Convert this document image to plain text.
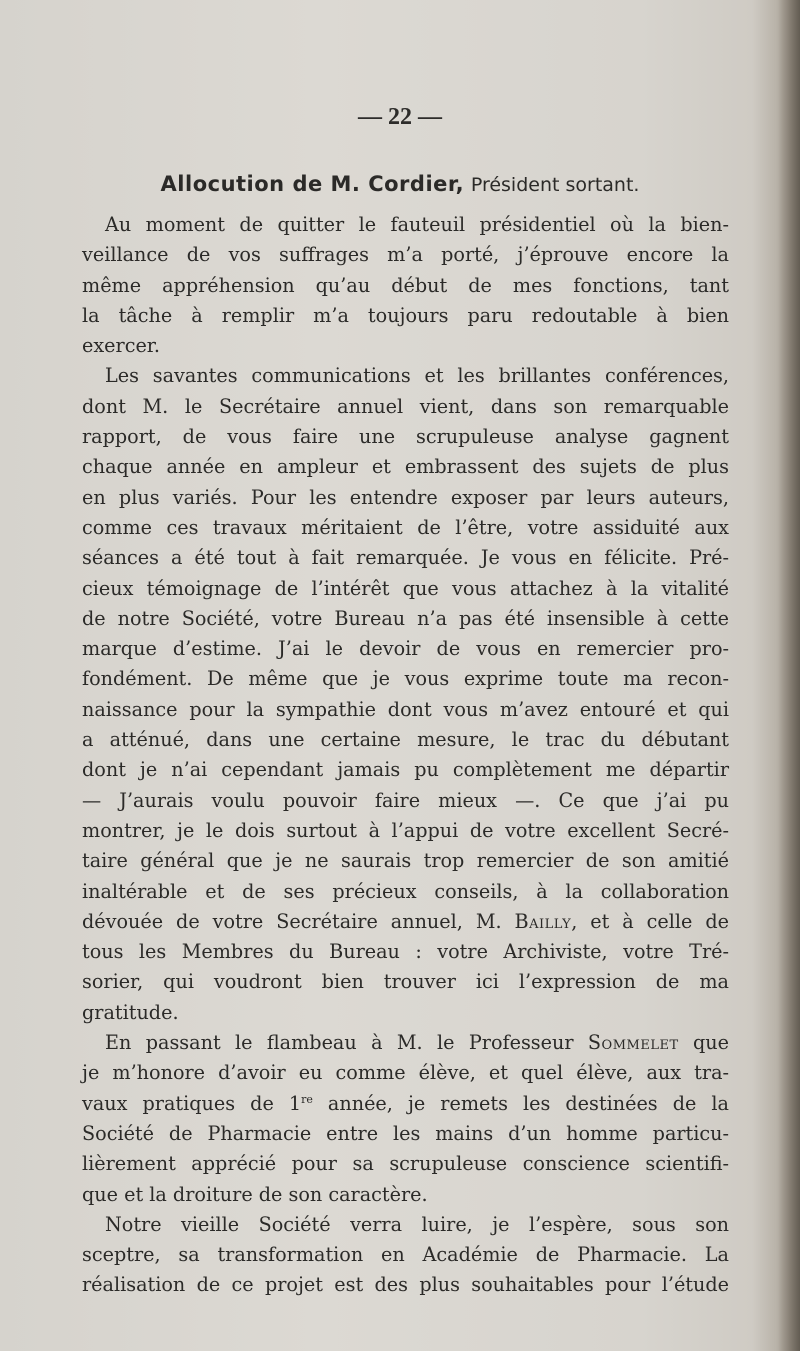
— 22 —
Allocution de M. Cordier, Président sortant.
Au moment de quitter le fauteuil présidentiel où la bien-
veillance de vos suffrages m’a porté, j’éprouve encore la
même appréhension qu’au début de mes fonctions, tant
la tâche à remplir m’a toujours paru redoutable à bien
exercer.
Les savantes communications et les brillantes conférences,
dont M. le Secrétaire annuel vient, dans son remarquable
rapport, de vous faire une scrupuleuse analyse gagnent
chaque année en ampleur et embrassent des sujets de plus
en plus variés. Pour les entendre exposer par leurs auteurs,
comme ces travaux méritaient de l’être, votre assiduité aux
séances a été tout à fait remarquée. Je vous en félicite. Pré-
cieux témoignage de l’intérêt que vous attachez à la vitalité
de notre Société, votre Bureau n’a pas été insensible à cette
marque d’estime. J’ai le devoir de vous en remercier pro-
fondément. De même que je vous exprime toute ma recon-
naissance pour la sympathie dont vous m’avez entouré et qui
a atténué, dans une certaine mesure, le trac du débutant
dont je n’ai cependant jamais pu complètement me départir
— J’aurais voulu pouvoir faire mieux —. Ce que j’ai pu
montrer, je le dois surtout à l’appui de votre excellent Secré-
taire général que je ne saurais trop remercier de son amitié
inaltérable et de ses précieux conseils, à la collaboration
dévouée de votre Secrétaire annuel, M. Bailly, et à celle de
tous les Membres du Bureau : votre Archiviste, votre Tré-
sorier, qui voudront bien trouver ici l’expression de ma
gratitude.
En passant le flambeau à M. le Professeur Sommelet que
je m’honore d’avoir eu comme élève, et quel élève, aux tra-
vaux pratiques de 1re année, je remets les destinées de la
Société de Pharmacie entre les mains d’un homme particu-
lièrement apprécié pour sa scrupuleuse conscience scientifi-
que et la droiture de son caractère.
Notre vieille Société verra luire, je l’espère, sous son
sceptre, sa transformation en Académie de Pharmacie. La
réalisation de ce projet est des plus souhaitables pour l’étude
